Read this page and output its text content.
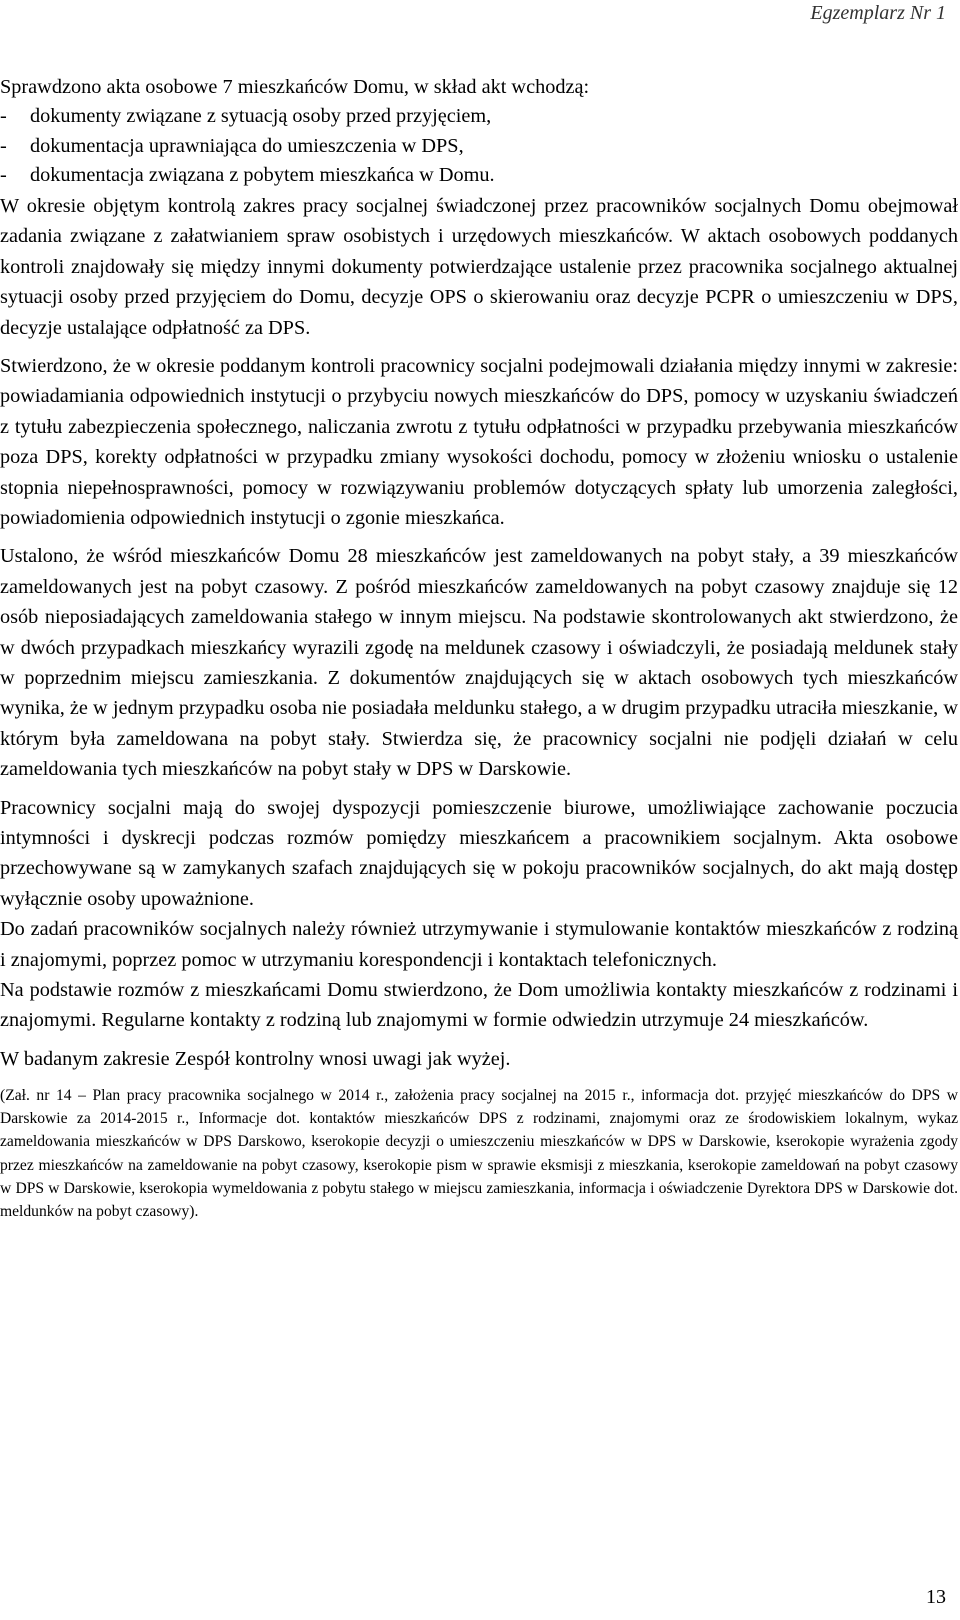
Egzemplarz Nr 1

Sprawdzono akta osobowe 7 mieszkańców Domu, w skład akt wchodzą:

- dokumenty związane z sytuacją osoby przed przyjęciem,
- dokumentacja uprawniająca do umieszczenia w DPS,
- dokumentacja związana z pobytem mieszkańca w Domu.

W okresie objętym kontrolą zakres pracy socjalnej świadczonej przez pracowników socjalnych Domu obejmował zadania związane z załatwianiem spraw osobistych i urzędowych mieszkańców. W aktach osobowych poddanych kontroli znajdowały się między innymi dokumenty potwierdzające ustalenie przez pracownika socjalnego aktualnej sytuacji osoby przed przyjęciem do Domu, decyzje OPS o skierowaniu oraz decyzje PCPR o umieszczeniu w DPS, decyzje ustalające odpłatność za DPS.

Stwierdzono, że w okresie poddanym kontroli pracownicy socjalni podejmowali działania między innymi w zakresie: powiadamiania odpowiednich instytucji o przybyciu nowych mieszkańców do DPS, pomocy w uzyskaniu świadczeń z tytułu zabezpieczenia społecznego, naliczania zwrotu z tytułu odpłatności w przypadku przebywania mieszkańców poza DPS, korekty odpłatności w przypadku zmiany wysokości dochodu, pomocy w złożeniu wniosku o ustalenie stopnia niepełnosprawności, pomocy w rozwiązywaniu problemów dotyczących spłaty lub umorzenia zaległości, powiadomienia odpowiednich instytucji o zgonie mieszkańca.

Ustalono, że wśród mieszkańców Domu 28 mieszkańców jest zameldowanych na pobyt stały, a 39 mieszkańców zameldowanych jest na pobyt czasowy. Z pośród mieszkańców zameldowanych na pobyt czasowy znajduje się 12 osób nieposiadających zameldowania stałego w innym miejscu. Na podstawie skontrolowanych akt stwierdzono, że w dwóch przypadkach mieszkańcy wyrazili zgodę na meldunek czasowy i oświadczyli, że posiadają meldunek stały w poprzednim miejscu zamieszkania. Z dokumentów znajdujących się w aktach osobowych tych mieszkańców wynika, że w jednym przypadku osoba nie posiadała meldunku stałego, a w drugim przypadku utraciła mieszkanie, w którym była zameldowana na pobyt stały. Stwierdza się, że pracownicy socjalni nie podjęli działań w celu zameldowania tych mieszkańców na pobyt stały w DPS w Darskowie.

Pracownicy socjalni mają do swojej dyspozycji pomieszczenie biurowe, umożliwiające zachowanie poczucia intymności i dyskrecji podczas rozmów pomiędzy mieszkańcem a pracownikiem socjalnym. Akta osobowe przechowywane są w zamykanych szafach znajdujących się w pokoju pracowników socjalnych, do akt mają dostęp wyłącznie osoby upoważnione.

Do zadań pracowników socjalnych należy również utrzymywanie i stymulowanie kontaktów mieszkańców z rodziną i znajomymi, poprzez pomoc w utrzymaniu korespondencji i kontaktach telefonicznych.

Na podstawie rozmów z mieszkańcami Domu stwierdzono, że Dom umożliwia kontakty mieszkańców z rodzinami i znajomymi. Regularne kontakty z rodziną lub znajomymi w formie odwiedzin utrzymuje 24 mieszkańców.

W badanym zakresie Zespół kontrolny wnosi uwagi jak wyżej.

(Zał. nr 14 – Plan pracy pracownika socjalnego w 2014 r., założenia pracy socjalnej na 2015 r., informacja dot. przyjęć mieszkańców do DPS w Darskowie za 2014-2015 r., Informacje dot. kontaktów mieszkańców DPS z rodzinami, znajomymi oraz ze środowiskiem lokalnym, wykaz zameldowania mieszkańców w DPS Darskowo, kserokopie decyzji o umieszczeniu mieszkańców w DPS w Darskowie, kserokopie wyrażenia zgody przez mieszkańców na zameldowanie na pobyt czasowy, kserokopie pism w sprawie eksmisji z mieszkania, kserokopie zameldowań na pobyt czasowy w DPS w Darskowie, kserokopia wymeldowania z pobytu stałego w miejscu zamieszkania, informacja i oświadczenie Dyrektora DPS w Darskowie dot. meldunków na pobyt czasowy).

13
